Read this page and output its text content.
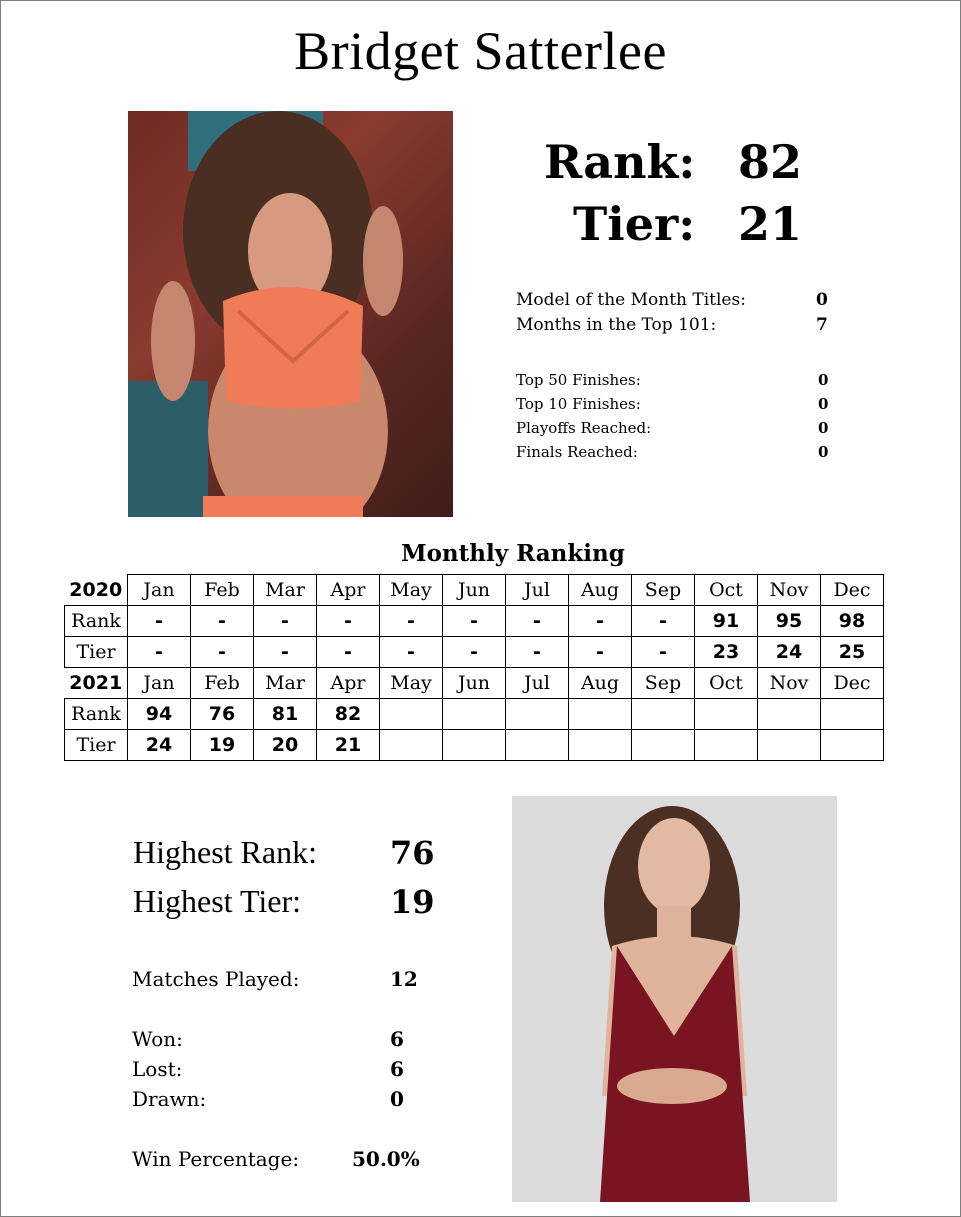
Bridget Satterlee
Rank: 82
Tier: 21
Model of the Month Titles:	0
Months in the Top 101:	7
Top 50 Finishes:	0
Top 10 Finishes:	0
Playoffs Reached:	0
Finals Reached:	0
Monthly Ranking
2020	Jan	Feb	Mar	Apr	May	Jun	Jul	Aug	Sep	Oct	Nov	Dec
Rank	-	-	-	-	-	-	-	-	-	91	95	98
Tier	-	-	-	-	-	-	-	-	-	23	24	25
2021	Jan	Feb	Mar	Apr	May	Jun	Jul	Aug	Sep	Oct	Nov	Dec
Rank	94	76	81	82								
Tier	24	19	20	21								
Highest Rank: 76
Highest Tier:	19
Matches Played:	12
Won:	6
Lost:	6
Drawn:	0
Win Percentage:	50.0%
